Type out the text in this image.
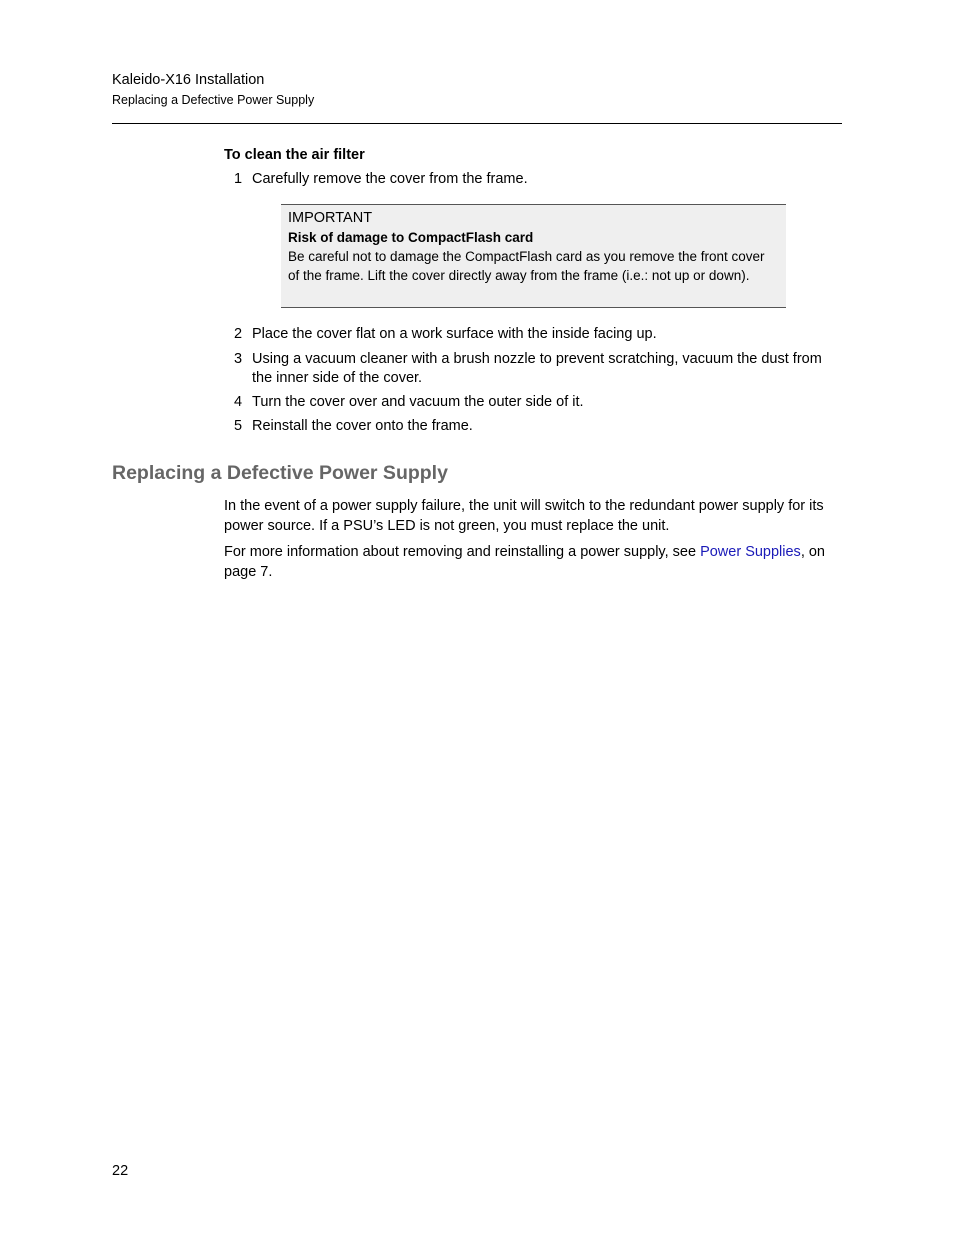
Kaleido-X16 Installation
Replacing a Defective Power Supply
To clean the air filter
1 Carefully remove the cover from the frame.
IMPORTANT
Risk of damage to CompactFlash card
Be careful not to damage the CompactFlash card as you remove the front cover of the frame. Lift the cover directly away from the frame (i.e.: not up or down).
2 Place the cover flat on a work surface with the inside facing up.
3 Using a vacuum cleaner with a brush nozzle to prevent scratching, vacuum the dust from the inner side of the cover.
4 Turn the cover over and vacuum the outer side of it.
5 Reinstall the cover onto the frame.
Replacing a Defective Power Supply
In the event of a power supply failure, the unit will switch to the redundant power supply for its power source. If a PSU’s LED is not green, you must replace the unit.
For more information about removing and reinstalling a power supply, see Power Supplies, on page 7.
22
